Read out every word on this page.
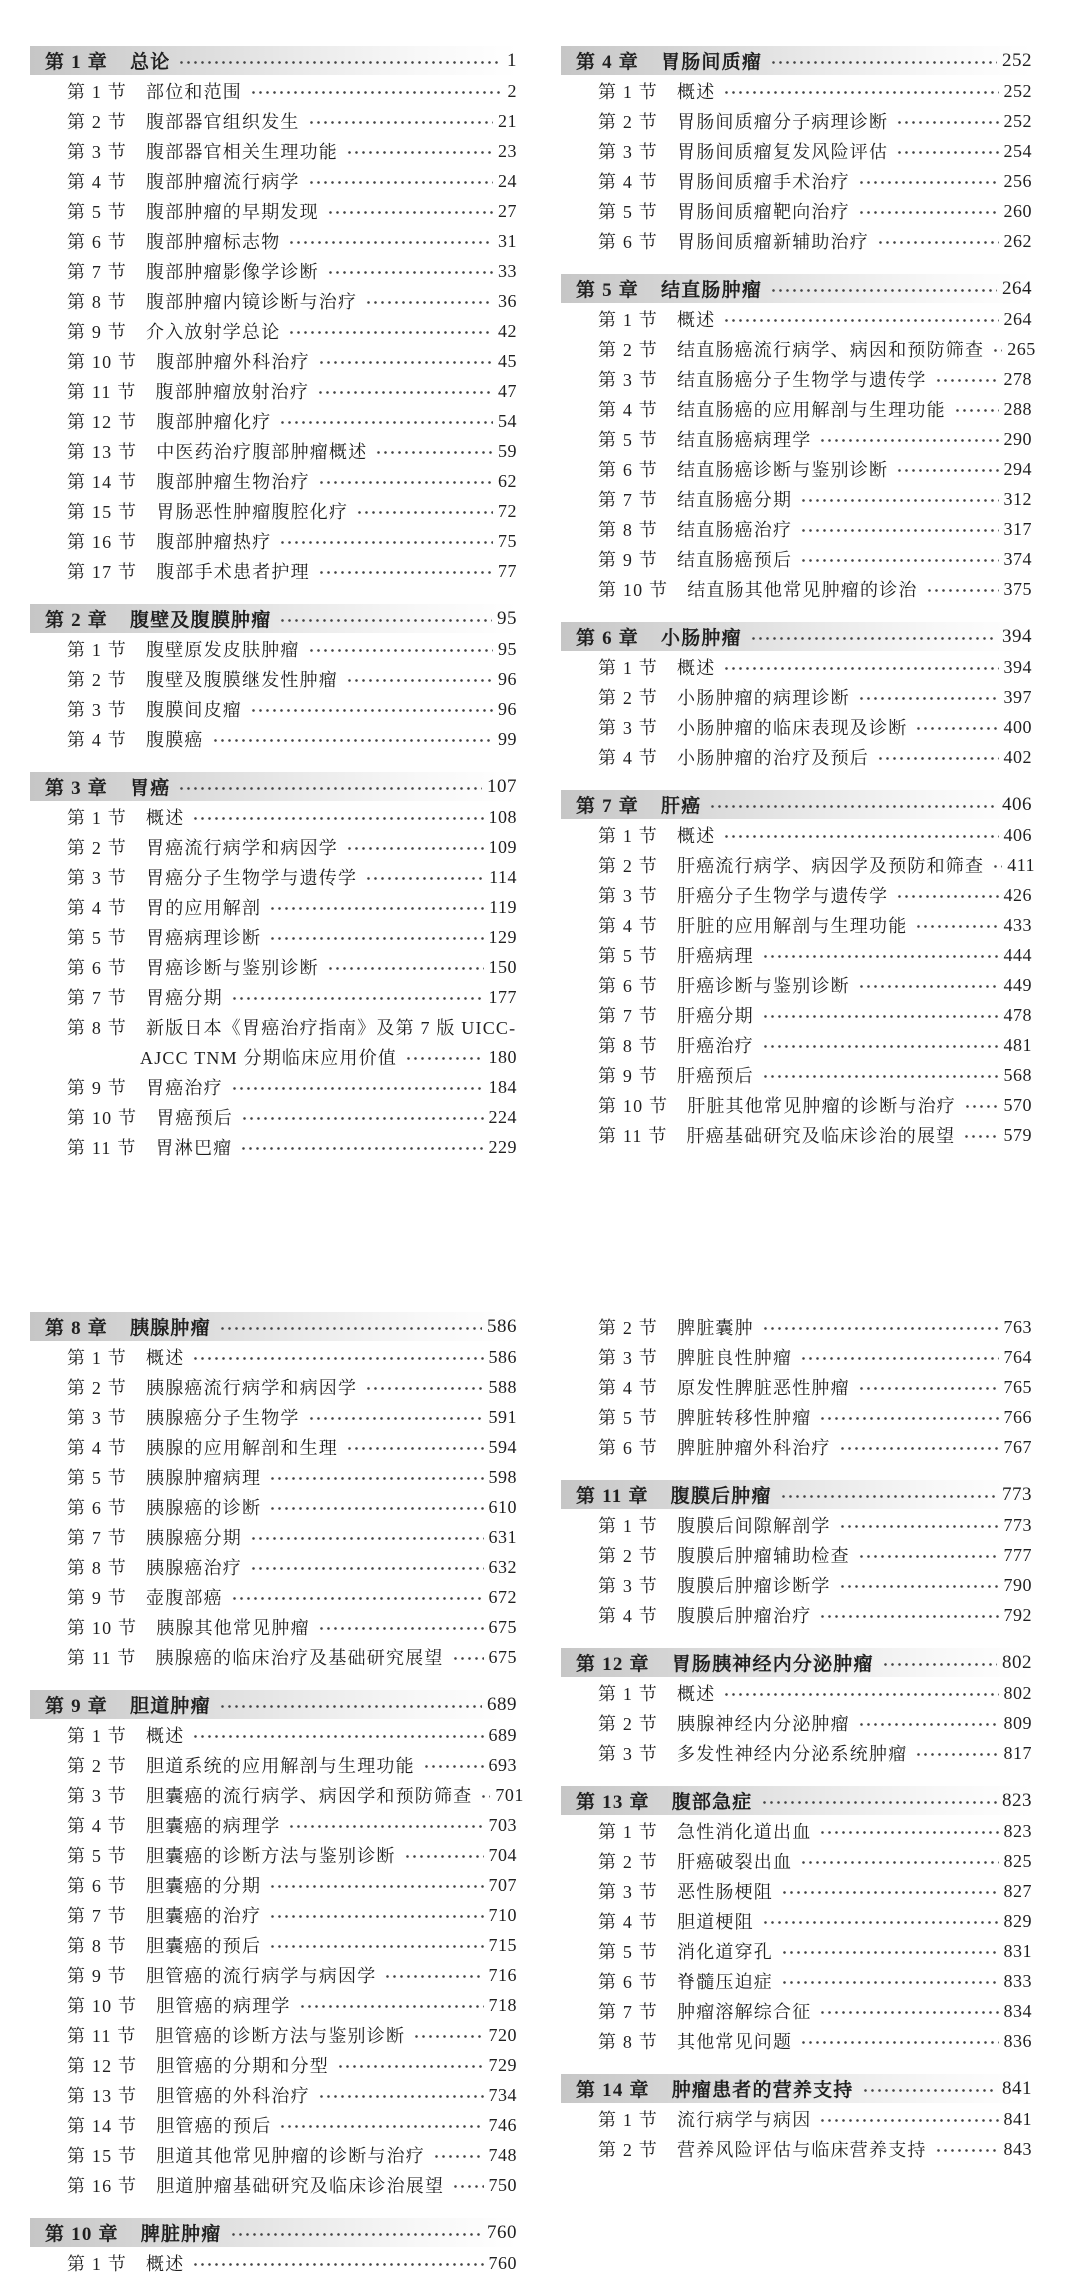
第 1 章 总论	1
第 1 节 部位和范围	2
第 2 节 腹部器官组织发生	21
第 3 节 腹部器官相关生理功能	23
第 4 节 腹部肿瘤流行病学	24
第 5 节 腹部肿瘤的早期发现	27
第 6 节 腹部肿瘤标志物	31
第 7 节 腹部肿瘤影像学诊断	33
第 8 节 腹部肿瘤内镜诊断与治疗	36
第 9 节 介入放射学总论	42
第 10 节 腹部肿瘤外科治疗	45
第 11 节 腹部肿瘤放射治疗	47
第 12 节 腹部肿瘤化疗	54
第 13 节 中医药治疗腹部肿瘤概述	59
第 14 节 腹部肿瘤生物治疗	62
第 15 节 胃肠恶性肿瘤腹腔化疗	72
第 16 节 腹部肿瘤热疗	75
第 17 节 腹部手术患者护理	77
第 2 章 腹壁及腹膜肿瘤	95
第 1 节 腹壁原发皮肤肿瘤	95
第 2 节 腹壁及腹膜继发性肿瘤	96
第 3 节 腹膜间皮瘤	96
第 4 节 腹膜癌	99
第 3 章 胃癌	107
第 1 节 概述	108
第 2 节 胃癌流行病学和病因学	109
第 3 节 胃癌分子生物学与遗传学	114
第 4 节 胃的应用解剖	119
第 5 节 胃癌病理诊断	129
第 6 节 胃癌诊断与鉴别诊断	150
第 7 节 胃癌分期	177
第 8 节 新版日本《胃癌治疗指南》及第 7 版 UICC-
AJCC TNM 分期临床应用价值	180
第 9 节 胃癌治疗	184
第 10 节 胃癌预后	224
第 11 节 胃淋巴瘤	229
第 4 章 胃肠间质瘤	252
第 1 节 概述	252
第 2 节 胃肠间质瘤分子病理诊断	252
第 3 节 胃肠间质瘤复发风险评估	254
第 4 节 胃肠间质瘤手术治疗	256
第 5 节 胃肠间质瘤靶向治疗	260
第 6 节 胃肠间质瘤新辅助治疗	262
第 5 章 结直肠肿瘤	264
第 1 节 概述	264
第 2 节 结直肠癌流行病学、病因和预防筛查 265
第 3 节 结直肠癌分子生物学与遗传学	278
第 4 节 结直肠癌的应用解剖与生理功能	288
第 5 节 结直肠癌病理学	290
第 6 节 结直肠癌诊断与鉴别诊断	294
第 7 节 结直肠癌分期	312
第 8 节 结直肠癌治疗	317
第 9 节 结直肠癌预后	374
第 10 节 结直肠其他常见肿瘤的诊治	375
第 6 章 小肠肿瘤	394
第 1 节 概述	394
第 2 节 小肠肿瘤的病理诊断	397
第 3 节 小肠肿瘤的临床表现及诊断	400
第 4 节 小肠肿瘤的治疗及预后	402
第 7 章 肝癌	406
第 1 节 概述	406
第 2 节 肝癌流行病学、病因学及预防和筛查 411
第 3 节 肝癌分子生物学与遗传学	426
第 4 节 肝脏的应用解剖与生理功能	433
第 5 节 肝癌病理	444
第 6 节 肝癌诊断与鉴别诊断	449
第 7 节 肝癌分期	478
第 8 节 肝癌治疗	481
第 9 节 肝癌预后	568
第 10 节 肝脏其他常见肿瘤的诊断与治疗	570
第 11 节 肝癌基础研究及临床诊治的展望	579
第 8 章 胰腺肿瘤	586
第 1 节 概述	586
第 2 节 胰腺癌流行病学和病因学	588
第 3 节 胰腺癌分子生物学	591
第 4 节 胰腺的应用解剖和生理	594
第 5 节 胰腺肿瘤病理	598
第 6 节 胰腺癌的诊断	610
第 7 节 胰腺癌分期	631
第 8 节 胰腺癌治疗	632
第 9 节 壶腹部癌	672
第 10 节 胰腺其他常见肿瘤	675
第 11 节 胰腺癌的临床治疗及基础研究展望 675
第 9 章 胆道肿瘤	689
第 1 节 概述	689
第 2 节 胆道系统的应用解剖与生理功能	693
第 3 节 胆囊癌的流行病学、病因学和预防筛查 701
第 4 节 胆囊癌的病理学	703
第 5 节 胆囊癌的诊断方法与鉴别诊断	704
第 6 节 胆囊癌的分期	707
第 7 节 胆囊癌的治疗	710
第 8 节 胆囊癌的预后	715
第 9 节 胆管癌的流行病学与病因学	716
第 10 节 胆管癌的病理学	718
第 11 节 胆管癌的诊断方法与鉴别诊断	720
第 12 节 胆管癌的分期和分型	729
第 13 节 胆管癌的外科治疗	734
第 14 节 胆管癌的预后	746
第 15 节 胆道其他常见肿瘤的诊断与治疗	748
第 16 节 胆道肿瘤基础研究及临床诊治展望 750
第 10 章 脾脏肿瘤	760
第 1 节 概述	760
第 2 节 脾脏囊肿	763
第 3 节 脾脏良性肿瘤	764
第 4 节 原发性脾脏恶性肿瘤	765
第 5 节 脾脏转移性肿瘤	766
第 6 节 脾脏肿瘤外科治疗	767
第 11 章 腹膜后肿瘤	773
第 1 节 腹膜后间隙解剖学	773
第 2 节 腹膜后肿瘤辅助检查	777
第 3 节 腹膜后肿瘤诊断学	790
第 4 节 腹膜后肿瘤治疗	792
第 12 章 胃肠胰神经内分泌肿瘤	802
第 1 节 概述	802
第 2 节 胰腺神经内分泌肿瘤	809
第 3 节 多发性神经内分泌系统肿瘤	817
第 13 章 腹部急症	823
第 1 节 急性消化道出血	823
第 2 节 肝癌破裂出血	825
第 3 节 恶性肠梗阻	827
第 4 节 胆道梗阻	829
第 5 节 消化道穿孔	831
第 6 节 脊髓压迫症	833
第 7 节 肿瘤溶解综合征	834
第 8 节 其他常见问题	836
第 14 章 肿瘤患者的营养支持	841
第 1 节 流行病学与病因	841
第 2 节 营养风险评估与临床营养支持	843
